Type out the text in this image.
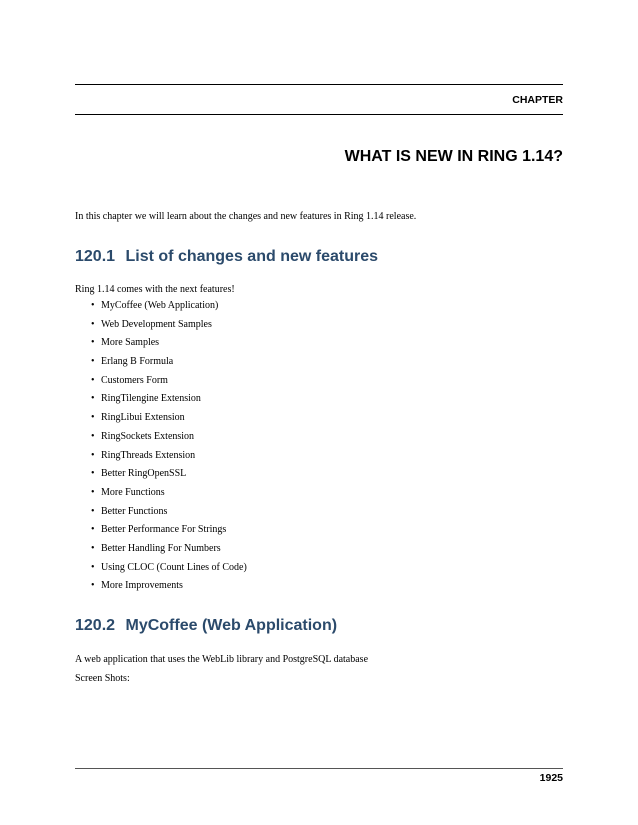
CHAPTER
WHAT IS NEW IN RING 1.14?
In this chapter we will learn about the changes and new features in Ring 1.14 release.
120.1 List of changes and new features
Ring 1.14 comes with the next features!
• MyCoffee (Web Application)
• Web Development Samples
• More Samples
• Erlang B Formula
• Customers Form
• RingTilengine Extension
• RingLibui Extension
• RingSockets Extension
• RingThreads Extension
• Better RingOpenSSL
• More Functions
• Better Functions
• Better Performance For Strings
• Better Handling For Numbers
• Using CLOC (Count Lines of Code)
• More Improvements
120.2 MyCoffee (Web Application)
A web application that uses the WebLib library and PostgreSQL database
Screen Shots:
1925
